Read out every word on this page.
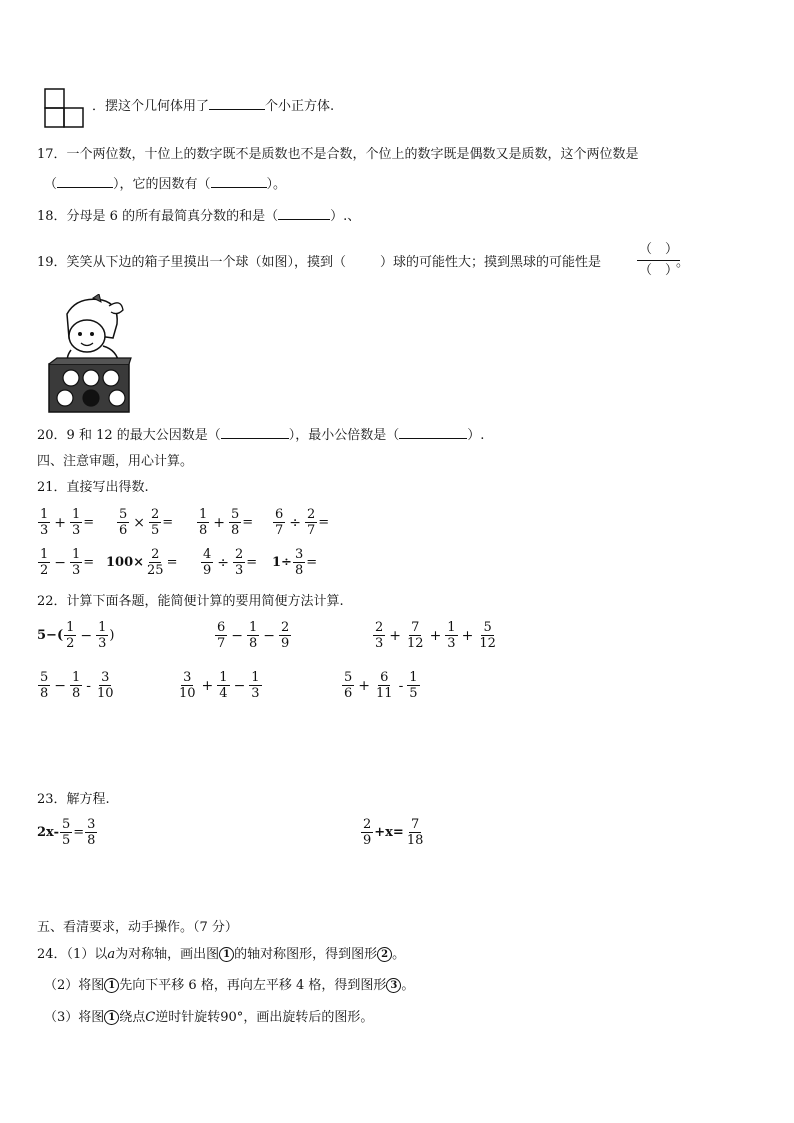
．摆这个几何体用了	个小正方体.
17．一个两位数，十位上的数字既不是质数也不是合数，个位上的数字既是偶数又是质数，这个两位数是
（	），它的因数有（	）。
18．分母是 6 的所有最简真分数的和是（	）.、
19．笑笑从下边的箱子里摸出一个球（如图），摸到（	）球的可能性大；摸到黑球的可能性是	$\frac{( )}{( )}$
。
20．9 和 12 的最大公因数是（	），最小公倍数是（	）.
四、注意审题，用心计算。
21．直接写出得数.
22．计算下面各题，能简便计算的要用简便方法计算.
23．解方程.
五、看清要求，动手操作。（7 分）
24．（1）以a为对称轴，画出图 1 的轴对称图形，得到图形 2 。
（2）将图 1 先向下平移 6 格，再向左平移 4 格，得到图形 3 。
（3）将图 1 绕点C逆时针旋转90°，画出旋转后的图形。
$\frac{1}{3} + \frac{1}{3} = \frac{5}{6} \times \frac{2}{5} = \frac{1}{8} + \frac{5}{8} = \frac{6}{7} \div \frac{2}{7}$ =
$\frac{1}{2} - \frac{1}{3} = 100\times \frac{2}{25} = \frac{4}{9} \div \frac{2}{3} = 1\div \frac{3}{8}$ =
$5-( \frac{1}{2} - \frac{1}{3}$ )	$\frac{6}{7} - \frac{1}{8} - \frac{2}{9}$	$\frac{2}{3} + \frac{7}{12} + \frac{1}{3} + \frac{5}{12}$
$\frac{5}{8} - \frac{1}{8} - \frac{3}{10}$	$\frac{3}{10} + \frac{1}{4} - \frac{1}{3}$	$\frac{5}{6} + \frac{6}{11} - \frac{1}{5}$
$2x- \frac{5}{5} = \frac{3}{8}$	$\frac{2}{9} +x= \frac{7}{18}$
